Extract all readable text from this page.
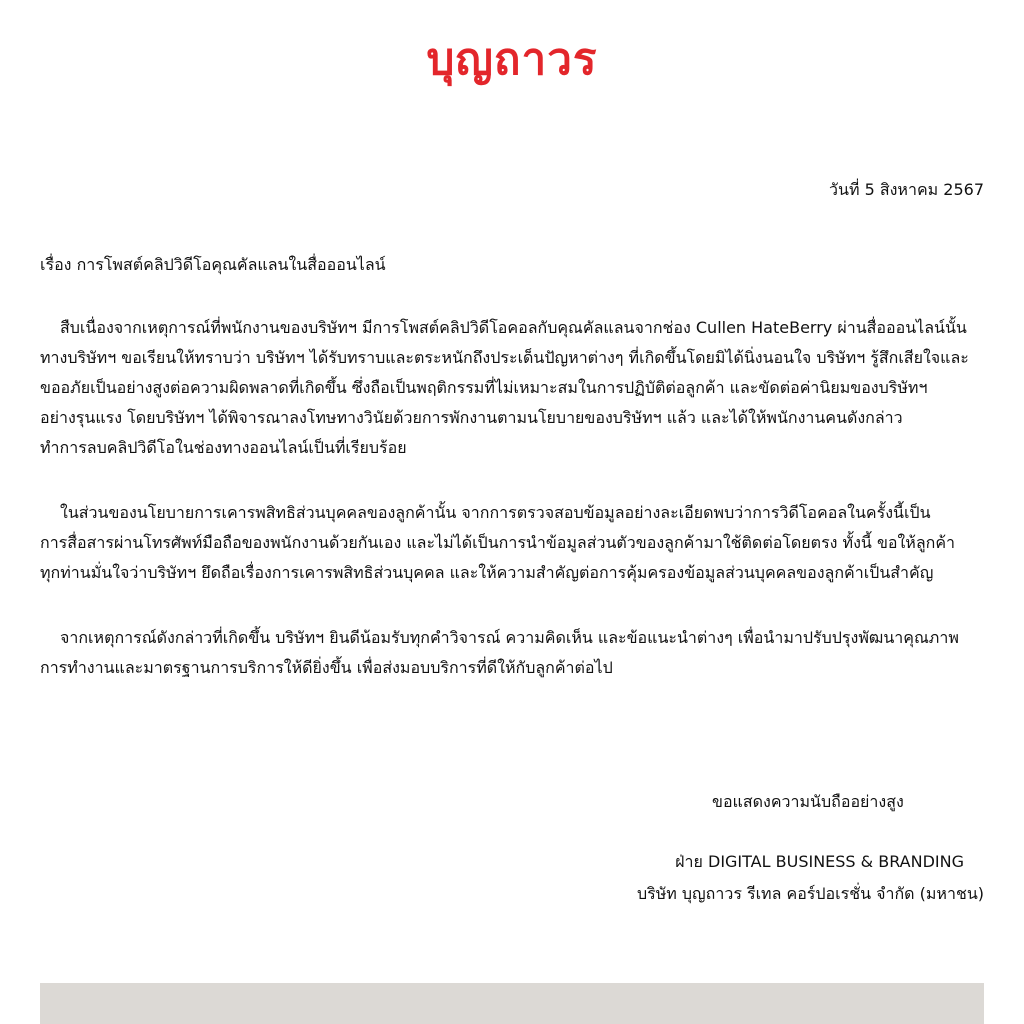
บุญถาวร
วันที่ 5 สิงหาคม 2567
เรื่อง การโพสต์คลิปวิดีโอคุณคัลแลนในสื่อออนไลน์
สืบเนื่องจากเหตุการณ์ที่พนักงานของบริษัทฯ มีการโพสต์คลิปวิดีโอคอลกับคุณคัลแลนจากช่อง Cullen HateBerry ผ่านสื่อออนไลน์นั้น
ทางบริษัทฯ ขอเรียนให้ทราบว่า บริษัทฯ ได้รับทราบและตระหนักถึงประเด็นปัญหาต่างๆ ที่เกิดขึ้นโดยมิได้นิ่งนอนใจ บริษัทฯ รู้สึกเสียใจและ
ขออภัยเป็นอย่างสูงต่อความผิดพลาดที่เกิดขึ้น ซึ่งถือเป็นพฤติกรรมที่ไม่เหมาะสมในการปฏิบัติต่อลูกค้า และขัดต่อค่านิยมของบริษัทฯ
อย่างรุนแรง โดยบริษัทฯ ได้พิจารณาลงโทษทางวินัยด้วยการพักงานตามนโยบายของบริษัทฯ แล้ว และได้ให้พนักงานคนดังกล่าว
ทำการลบคลิปวิดีโอในช่องทางออนไลน์เป็นที่เรียบร้อย
ในส่วนของนโยบายการเคารพสิทธิส่วนบุคคลของลูกค้านั้น จากการตรวจสอบข้อมูลอย่างละเอียดพบว่าการวิดีโอคอลในครั้งนี้เป็น
การสื่อสารผ่านโทรศัพท์มือถือของพนักงานด้วยกันเอง และไม่ได้เป็นการนำข้อมูลส่วนตัวของลูกค้ามาใช้ติดต่อโดยตรง ทั้งนี้ ขอให้ลูกค้า
ทุกท่านมั่นใจว่าบริษัทฯ ยึดถือเรื่องการเคารพสิทธิส่วนบุคคล และให้ความสำคัญต่อการคุ้มครองข้อมูลส่วนบุคคลของลูกค้าเป็นสำคัญ
จากเหตุการณ์ดังกล่าวที่เกิดขึ้น บริษัทฯ ยินดีน้อมรับทุกคำวิจารณ์ ความคิดเห็น และข้อแนะนำต่างๆ เพื่อนำมาปรับปรุงพัฒนาคุณภาพ
การทำงานและมาตรฐานการบริการให้ดียิ่งขึ้น เพื่อส่งมอบบริการที่ดีให้กับลูกค้าต่อไป
ขอแสดงความนับถืออย่างสูง
ฝ่าย DIGITAL BUSINESS & BRANDING
บริษัท บุญถาวร รีเทล คอร์ปอเรชั่น จำกัด (มหาชน)
